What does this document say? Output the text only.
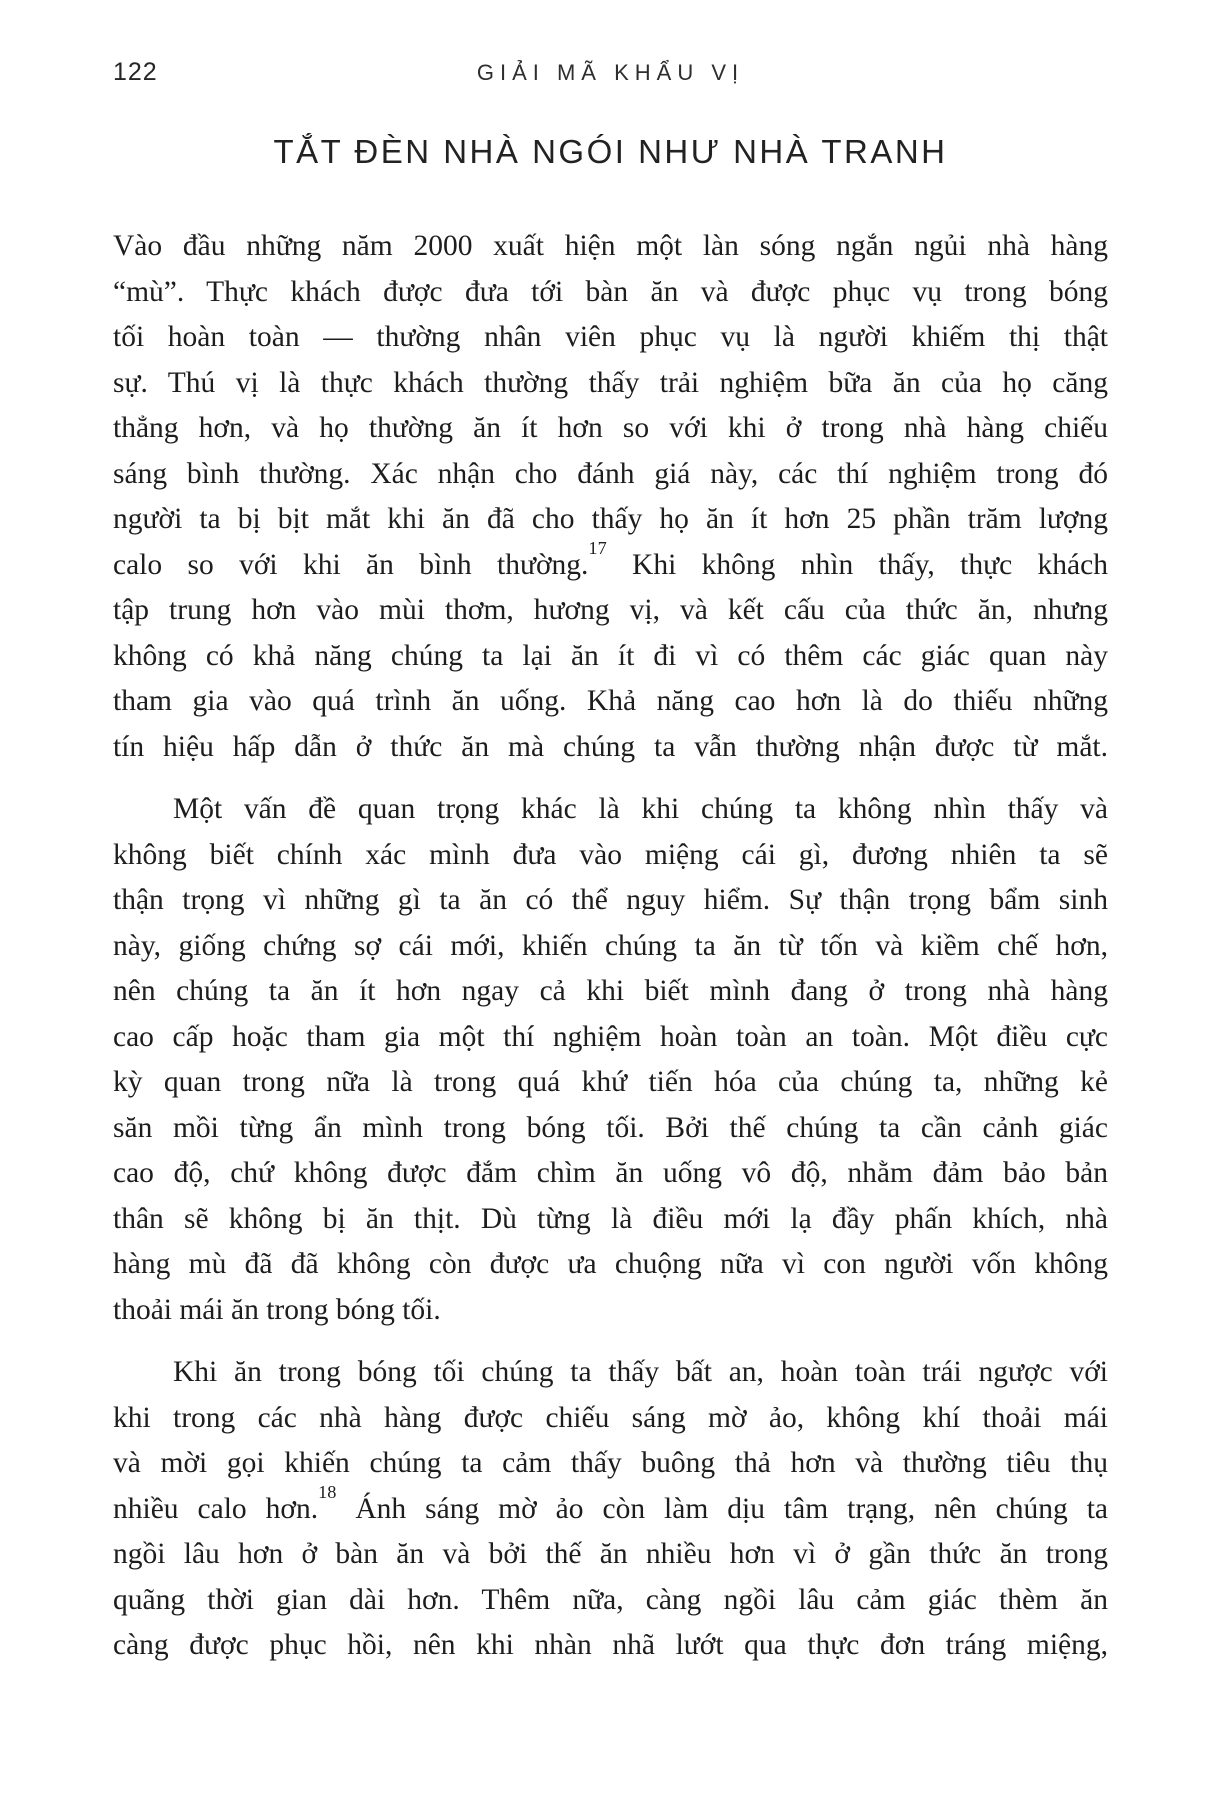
122	GIẢI MÃ KHẨU VỊ
TẮT ĐÈN NHÀ NGÓI NHƯ NHÀ TRANH
Vào đầu những năm 2000 xuất hiện một làn sóng ngắn ngủi nhà hàng
“mù”. Thực khách được đưa tới bàn ăn và được phục vụ trong bóng
tối hoàn toàn — thường nhân viên phục vụ là người khiếm thị thật
sự. Thú vị là thực khách thường thấy trải nghiệm bữa ăn của họ căng
thẳng hơn, và họ thường ăn ít hơn so với khi ở trong nhà hàng chiếu
sáng bình thường. Xác nhận cho đánh giá này, các thí nghiệm trong đó
người ta bị bịt mắt khi ăn đã cho thấy họ ăn ít hơn 25 phần trăm lượng
calo so với khi ăn bình thường.$^{17}$ Khi không nhìn thấy, thực khách
tập trung hơn vào mùi thơm, hương vị, và kết cấu của thức ăn, nhưng
không có khả năng chúng ta lại ăn ít đi vì có thêm các giác quan này
tham gia vào quá trình ăn uống. Khả năng cao hơn là do thiếu những
tín hiệu hấp dẫn ở thức ăn mà chúng ta vẫn thường nhận được từ mắt.
Một vấn đề quan trọng khác là khi chúng ta không nhìn thấy và
không biết chính xác mình đưa vào miệng cái gì, đương nhiên ta sẽ
thận trọng vì những gì ta ăn có thể nguy hiểm. Sự thận trọng bẩm sinh
này, giống chứng sợ cái mới, khiến chúng ta ăn từ tốn và kiềm chế hơn,
nên chúng ta ăn ít hơn ngay cả khi biết mình đang ở trong nhà hàng
cao cấp hoặc tham gia một thí nghiệm hoàn toàn an toàn. Một điều cực
kỳ quan trong nữa là trong quá khứ tiến hóa của chúng ta, những kẻ
săn mồi từng ẩn mình trong bóng tối. Bởi thế chúng ta cần cảnh giác
cao độ, chứ không được đắm chìm ăn uống vô độ, nhằm đảm bảo bản
thân sẽ không bị ăn thịt. Dù từng là điều mới lạ đầy phấn khích, nhà
hàng mù đã đã không còn được ưa chuộng nữa vì con người vốn không
thoải mái ăn trong bóng tối.
Khi ăn trong bóng tối chúng ta thấy bất an, hoàn toàn trái ngược với
khi trong các nhà hàng được chiếu sáng mờ ảo, không khí thoải mái
và mời gọi khiến chúng ta cảm thấy buông thả hơn và thường tiêu thụ
nhiều calo hơn.$^{18}$ Ánh sáng mờ ảo còn làm dịu tâm trạng, nên chúng ta
ngồi lâu hơn ở bàn ăn và bởi thế ăn nhiều hơn vì ở gần thức ăn trong
quãng thời gian dài hơn. Thêm nữa, càng ngồi lâu cảm giác thèm ăn
càng được phục hồi, nên khi nhàn nhã lướt qua thực đơn tráng miệng,
